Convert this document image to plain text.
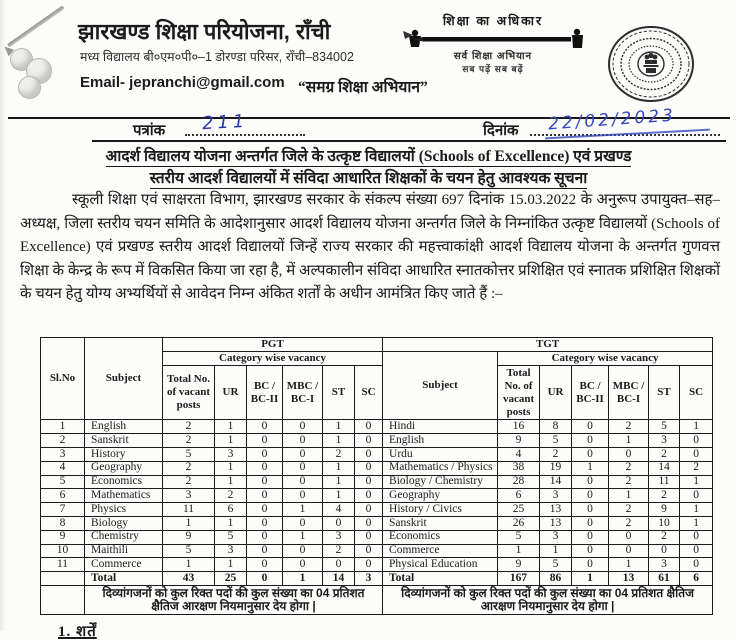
झारखण्ड शिक्षा परियोजना, राँची
मध्य विद्यालय बी०एम०पी०–1 डोरण्डा परिसर, राँची–834002
Email- jepranchi@gmail.com “समग्र शिक्षा अभियान”
शिक्षा का अधिकार
सर्व शिक्षा अभियान
सब पढ़ें सब बढ़ें
पत्रांक 211	दिनांक 22/02/2023
आदर्श विद्यालय योजना अन्तर्गत जिले के उत्कृष्ट विद्यालयों (Schools of Excellence) एवं प्रखण्ड
स्तरीय आदर्श विद्यालयों में संविदा आधारित शिक्षकों के चयन हेतु आवश्यक सूचना
स्कूली शिक्षा एवं साक्षरता विभाग, झारखण्ड सरकार के संकल्प संख्या 697 दिनांक 15.03.2022 के अनुरूप उपायुक्त–सह–अध्यक्ष, जिला स्तरीय चयन समिति के आदेशानुसार आदर्श विद्यालय योजना अन्तर्गत जिले के निम्नांकित उत्कृष्ट विद्यालयों (Schools of Excellence) एवं प्रखण्ड स्तरीय आदर्श विद्यालयों जिन्हें राज्य सरकार की महत्त्वाकांक्षी आदर्श विद्यालय योजना के अन्तर्गत गुणवत्त शिक्षा के केन्द्र के रूप में विकसित किया जा रहा है, में अल्पकालीन संविदा आधारित स्नातकोत्तर प्रशिक्षित एवं स्नातक प्रशिक्षित शिक्षकों के चयन हेतु योग्य अभ्यर्थियों से आवेदन निम्न अंकित शर्तों के अधीन आमंत्रित किए जाते हैं :–
Sl.No	Subject	PGT						TGT						
		Category wise vacancy						Subject	Category wise vacancy					
		Total No. of vacant posts	UR	BC / BC-II	MBC / BC-I	ST	SC		Total No. of vacant posts	UR	BC / BC-II	MBC / BC-I	ST	SC
1	English	2	1	0	0	1	0	Hindi	16	8	0	2	5	1
2	Sanskrit	2	1	0	0	1	0	English	9	5	0	1	3	0
3	History	5	3	0	0	2	0	Urdu	4	2	0	0	2	0
4	Geography	2	1	0	0	1	0	Mathematics / Physics	38	19	1	2	14	2
5	Economics	2	1	0	0	1	0	Biology / Chemistry	28	14	0	2	11	1
6	Mathematics	3	2	0	0	1	0	Geography	6	3	0	1	2	0
7	Physics	11	6	0	1	4	0	History / Civics	25	13	0	2	9	1
8	Biology	1	1	0	0	0	0	Sanskrit	26	13	0	2	10	1
9	Chemistry	9	5	0	1	3	0	Economics	5	3	0	0	2	0
10	Maithili	5	3	0	0	2	0	Commerce	1	1	0	0	0	0
11	Commerce	1	1	0	0	0	0	Physical Education	9	5	0	1	3	0
	Total	43	25	0	1	14	3	Total	167	86	1	13	61	6
	दिव्यांगजनों को कुल रिक्त पदों की कुल संख्या का 04 प्रतिशत क्षैतिज आरक्षण नियमानुसार देय होगा |							दिव्यांगजनों को कुल रिक्त पदों की कुल संख्या का 04 प्रतिशत क्षैतिज आरक्षण नियमानुसार देय होगा |						
1. शर्तें
